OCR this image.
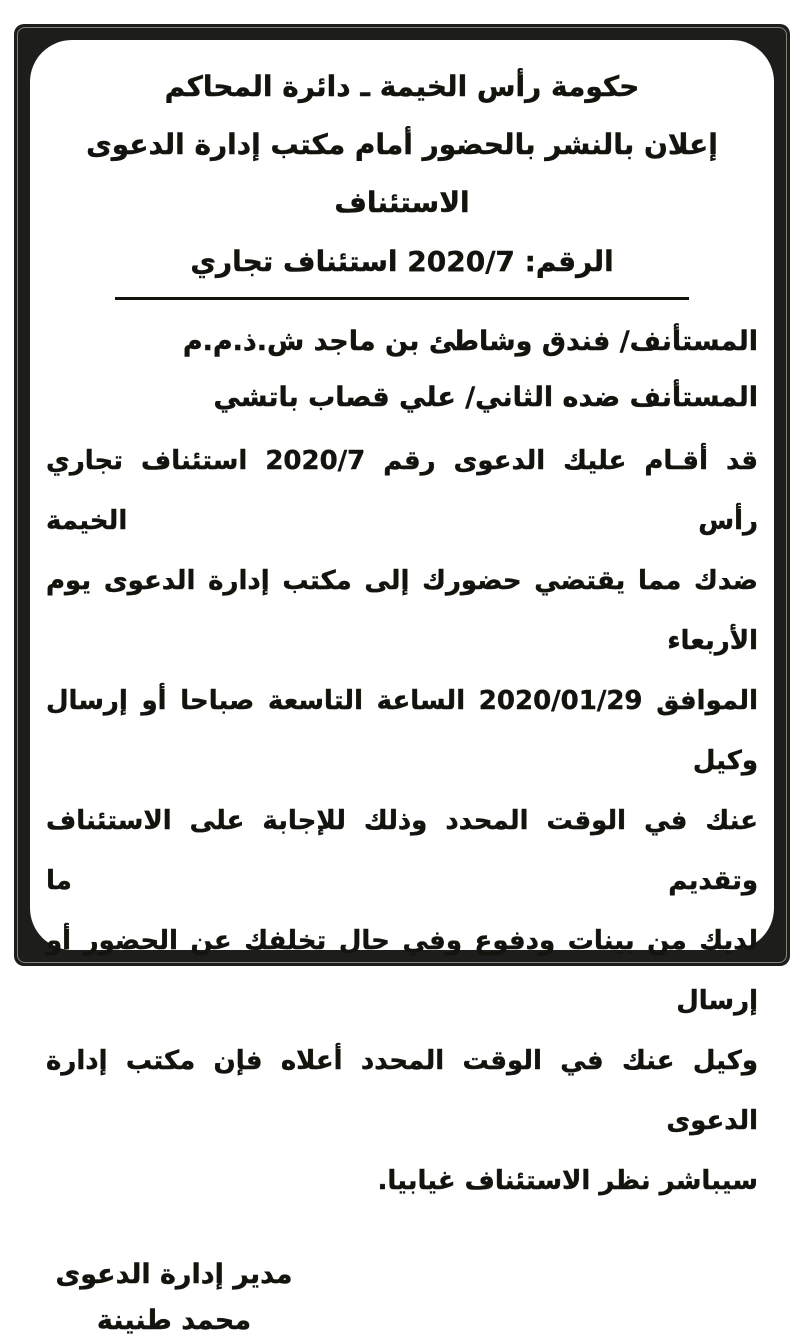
حكومة رأس الخيمة ـ دائرة المحاكم
إعلان بالنشر بالحضور أمام مكتب إدارة الدعوى الاستئناف
الرقم: 2020/7 استئناف تجاري
المستأنف/ فندق وشاطئ بن ماجد ش.ذ.م.م
المستأنف ضده الثاني/ علي قصاب باتشي
قد أقـام عليك الدعوى رقم 2020/7 استئناف تجاري رأس الخيمة
ضدك مما يقتضي حضورك إلى مكتب إدارة الدعوى يوم الأربعاء
الموافق 2020/01/29 الساعة التاسعة صباحا أو إرسال وكيل
عنك في الوقت المحدد وذلك للإجابة على الاستئناف وتقديم ما
لديك من بينات ودفوع وفي حال تخلفك عن الحضور أو إرسال
وكيل عنك في الوقت المحدد أعلاه فإن مكتب إدارة الدعوى
سيباشر نظر الاستئناف غيابيا.
مدير إدارة الدعوى
محمد طنينة
